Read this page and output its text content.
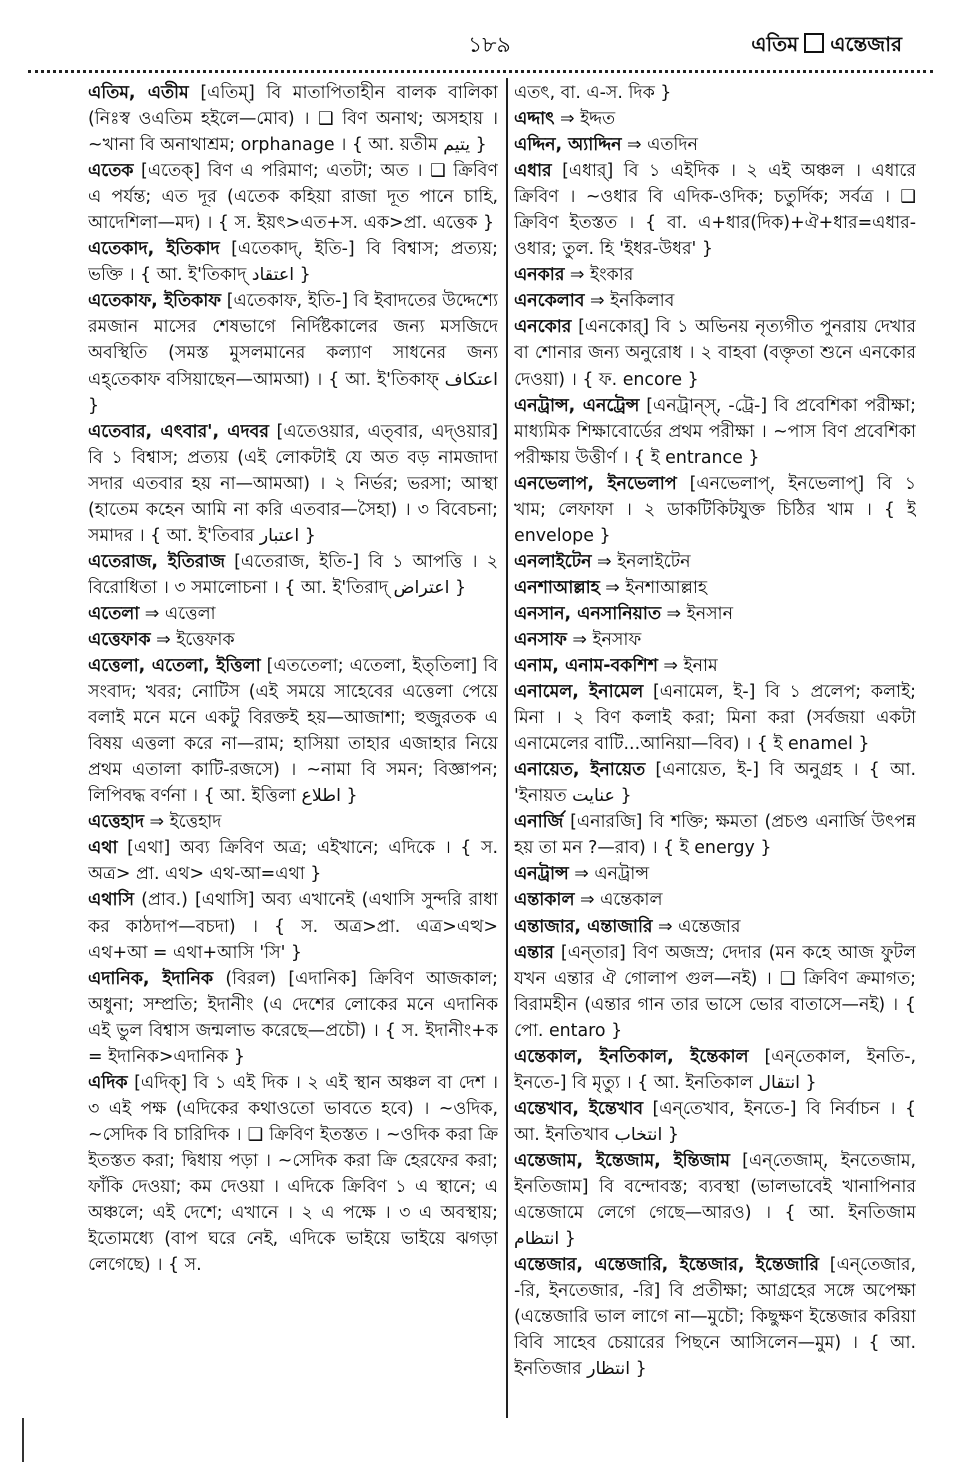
১৮৯	এতিম এন্তেজার
এতিম, এতীম [এতিম্] বি মাতাপিতাহীন বালক বালিকা (নিঃস্ব ওএতিম হইলে—মোব) । ❑ বিণ অনাথ; অসহায় । ~খানা বি অনাথাশ্রম; orphanage । { আ. য়তীম يتيم }
এতেক [এতেক্] বিণ এ পরিমাণ; এতটা; অত । ❑ ক্রিবিণ এ পর্যন্ত; এত দূর (এতেক কহিয়া রাজা দূত পানে চাহি, আদেশিলা—মদ) । { স. ইয়ৎ>এত+স. এক>প্রা. এত্তেক }
এতেকাদ, ইতিকাদ [এতেকাদ্, ইতি-] বি বিশ্বাস; প্রত্যয়; ভক্তি । { আ. ই'তিকাদ্ اعتقاد }
এতেকাফ, ইতিকাফ [এতেকাফ, ইতি-] বি ইবাদতের উদ্দেশ্যে রমজান মাসের শেষভাগে নির্দিষ্টকালের জন্য মসজিদে অবস্থিতি (সমস্ত মুসলমানের কল্যাণ সাধনের জন্য এহ্‌তেকাফ বসিয়াছেন—আমআ) । { আ. ই'তিকাফ্ اعتكاف }
এতেবার, এৎবার', এদবর [এতেওয়ার, এত্‌বার, এদ্‌ওয়ার] বি ১ বিশ্বাস; প্রত্যয় (এই লোকটাই যে অত বড় নামজাদা সদার এতবার হয় না—আমআ) । ২ নির্ভর; ভরসা; আস্থা (হাতেম কহেন আমি না করি এতবার—সৈহা) । ৩ বিবেচনা; সমাদর । { আ. ই'তিবার اعتبار }
এতেরাজ, ইতিরাজ [এতেরাজ, ইতি-] বি ১ আপত্তি । ২ বিরোধিতা । ৩ সমালোচনা । { আ. ই'তিরাদ্ اعتراض }
এতেলা ⇒ এত্তেলা
এত্তেফাক ⇒ ইত্তেফাক
এত্তেলা, এতেলা, ইত্তিলা [এততেলা; এতেলা, ইত্‌তিলা] বি সংবাদ; খবর; নোটিস (এই সময়ে সাহেবের এত্তেলা পেয়ে বলাই মনে মনে একটু বিরক্তই হয়—আজাশা; হুজুরতক এ বিষয় এত্তলা করে না—রাম; হাসিয়া তাহার এজাহার নিয়ে প্রথম এতালা কাটি-রজসে) । ~নামা বি সমন; বিজ্ঞাপন; লিপিবদ্ধ বর্ণনা । { আ. ইত্তিলা اطلاع }
এত্তেহাদ ⇒ ইত্তেহাদ
এথা [এথা] অব্য ক্রিবিণ অত্র; এইখানে; এদিকে । { স. অত্র> প্রা. এথ> এথ-আ=এথা }
এথাসি (প্রাব.) [এথাসি] অব্য এখানেই (এথাসি সুন্দরি রাধা কর কাঠদাপ—বচদা) । { স. অত্র>প্রা. এত্র>এত্থ> এথ+আ = এথা+আসি 'সি' }
এদানিক, ইদানিক (বিরল) [এদানিক] ক্রিবিণ আজকাল; অধুনা; সম্প্রতি; ইদানীং (এ দেশের লোকের মনে এদানিক এই ভুল বিশ্বাস জন্মলাভ করেছে—প্রচৌ) । { স. ইদানীং+ক = ইদানিক>এদানিক }
এদিক [এদিক্] বি ১ এই দিক । ২ এই স্থান অঞ্চল বা দেশ । ৩ এই পক্ষ (এদিকের কথাওতো ভাবতে হবে) । ~ওদিক, ~সেদিক বি চারিদিক । ❑ ক্রিবিণ ইতস্তত । ~ওদিক করা ক্রি ইতস্তত করা; দ্বিধায় পড়া । ~সেদিক করা ক্রি হেরফের করা; ফাঁকি দেওয়া; কম দেওয়া । এদিকে ক্রিবিণ ১ এ স্থানে; এ অঞ্চলে; এই দেশে; এখানে । ২ এ পক্ষে । ৩ এ অবস্থায়; ইতোমধ্যে (বাপ ঘরে নেই, এদিকে ভাইয়ে ভাইয়ে ঝগড়া লেগেছে) । { স.
এতৎ, বা. এ-স. দিক }
এদ্দাৎ ⇒ ইদ্দত
এদ্দিন, অ্যাদ্দিন ⇒ এতদিন
এধার [এধার্] বি ১ এইদিক । ২ এই অঞ্চল । এধারে ক্রিবিণ । ~ওধার বি এদিক-ওদিক; চতুর্দিক; সর্বত্র । ❑ ক্রিবিণ ইতস্তত । { বা. এ+ধার(দিক)+ঐ+ধার=এধার-ওধার; তুল. হি 'ইধর-উধর' }
এনকার ⇒ ইংকার
এনকেলাব ⇒ ইনকিলাব
এনকোর [এনকোর্] বি ১ অভিনয় নৃত্যগীত পুনরায় দেখার বা শোনার জন্য অনুরোধ । ২ বাহবা (বক্তৃতা শুনে এনকোর দেওয়া) । { ফ. encore }
এনট্রান্স, এনট্রেন্স [এনট্রান্‌স্, -ট্রে-] বি প্রবেশিকা পরীক্ষা; মাধ্যমিক শিক্ষাবোর্ডের প্রথম পরীক্ষা । ~পাস বিণ প্রবেশিকা পরীক্ষায় উত্তীর্ণ । { ই entrance }
এনভেলাপ, ইনভেলাপ [এনভেলাপ্, ইনভেলাপ্] বি ১ খাম; লেফাফা । ২ ডাকটিকিটযুক্ত চিঠির খাম । { ই envelope }
এনলাইটেন ⇒ ইনলাইটেন
এনশাআল্লাহ ⇒ ইনশাআল্লাহ
এনসান, এনসানিয়াত ⇒ ইনসান
এনসাফ ⇒ ইনসাফ
এনাম, এনাম-বকশিশ ⇒ ইনাম
এনামেল, ইনামেল [এনামেল, ই-] বি ১ প্রলেপ; কলাই; মিনা । ২ বিণ কলাই করা; মিনা করা (সর্বজয়া একটা এনামেলের বাটি...আনিয়া—বিব) । { ই enamel }
এনায়েত, ইনায়েত [এনায়েত, ই-] বি অনুগ্রহ । { আ. 'ইনায়ত عنايت }
এনার্জি [এনারজি] বি শক্তি; ক্ষমতা (প্রচণ্ড এনার্জি উৎপন্ন হয় তা মন ?—রাব) । { ই energy }
এনট্রান্স ⇒ এনট্রান্স
এন্তাকাল ⇒ এন্তেকাল
এন্তাজার, এন্তাজারি ⇒ এন্তেজার
এন্তার [এন্‌তার] বিণ অজস্র; দেদার (মন কহে আজ ফুটল যখন এন্তার ঐ গোলাপ গুল—নই) । ❑ ক্রিবিণ ক্রমাগত; বিরামহীন (এন্তার গান তার ভাসে ভোর বাতাসে—নই) । { পো. entaro }
এন্তেকাল, ইনতিকাল, ইন্তেকাল [এন্‌তেকাল, ইনতি-, ইনতে-] বি মৃত্যু । { আ. ইনতিকাল انتقال }
এন্তেখাব, ইন্তেখাব [এন্‌তেখাব, ইনতে-] বি নির্বাচন । { আ. ইনতিখাব انتخاب }
এন্তেজাম, ইন্তেজাম, ইন্তিজাম [এন্‌তেজাম্, ইনতেজাম, ইনতিজাম] বি বন্দোবস্ত; ব্যবস্থা (ভালভাবেই খানাপিনার এন্তেজামে লেগে গেছে—আরও) । { আ. ইনতিজাম انتظام }
এন্তেজার, এন্তেজারি, ইন্তেজার, ইন্তেজারি [এন্‌তেজার, -রি, ইনতেজার, -রি] বি প্রতীক্ষা; আগ্রহের সঙ্গে অপেক্ষা (এন্তেজারি ভাল লাগে না—মুচৌ; কিছুক্ষণ ইন্তেজার করিয়া বিবি সাহেব চেয়ারের পিছনে আসিলেন—মুম) । { আ. ইনতিজার انتظار }
